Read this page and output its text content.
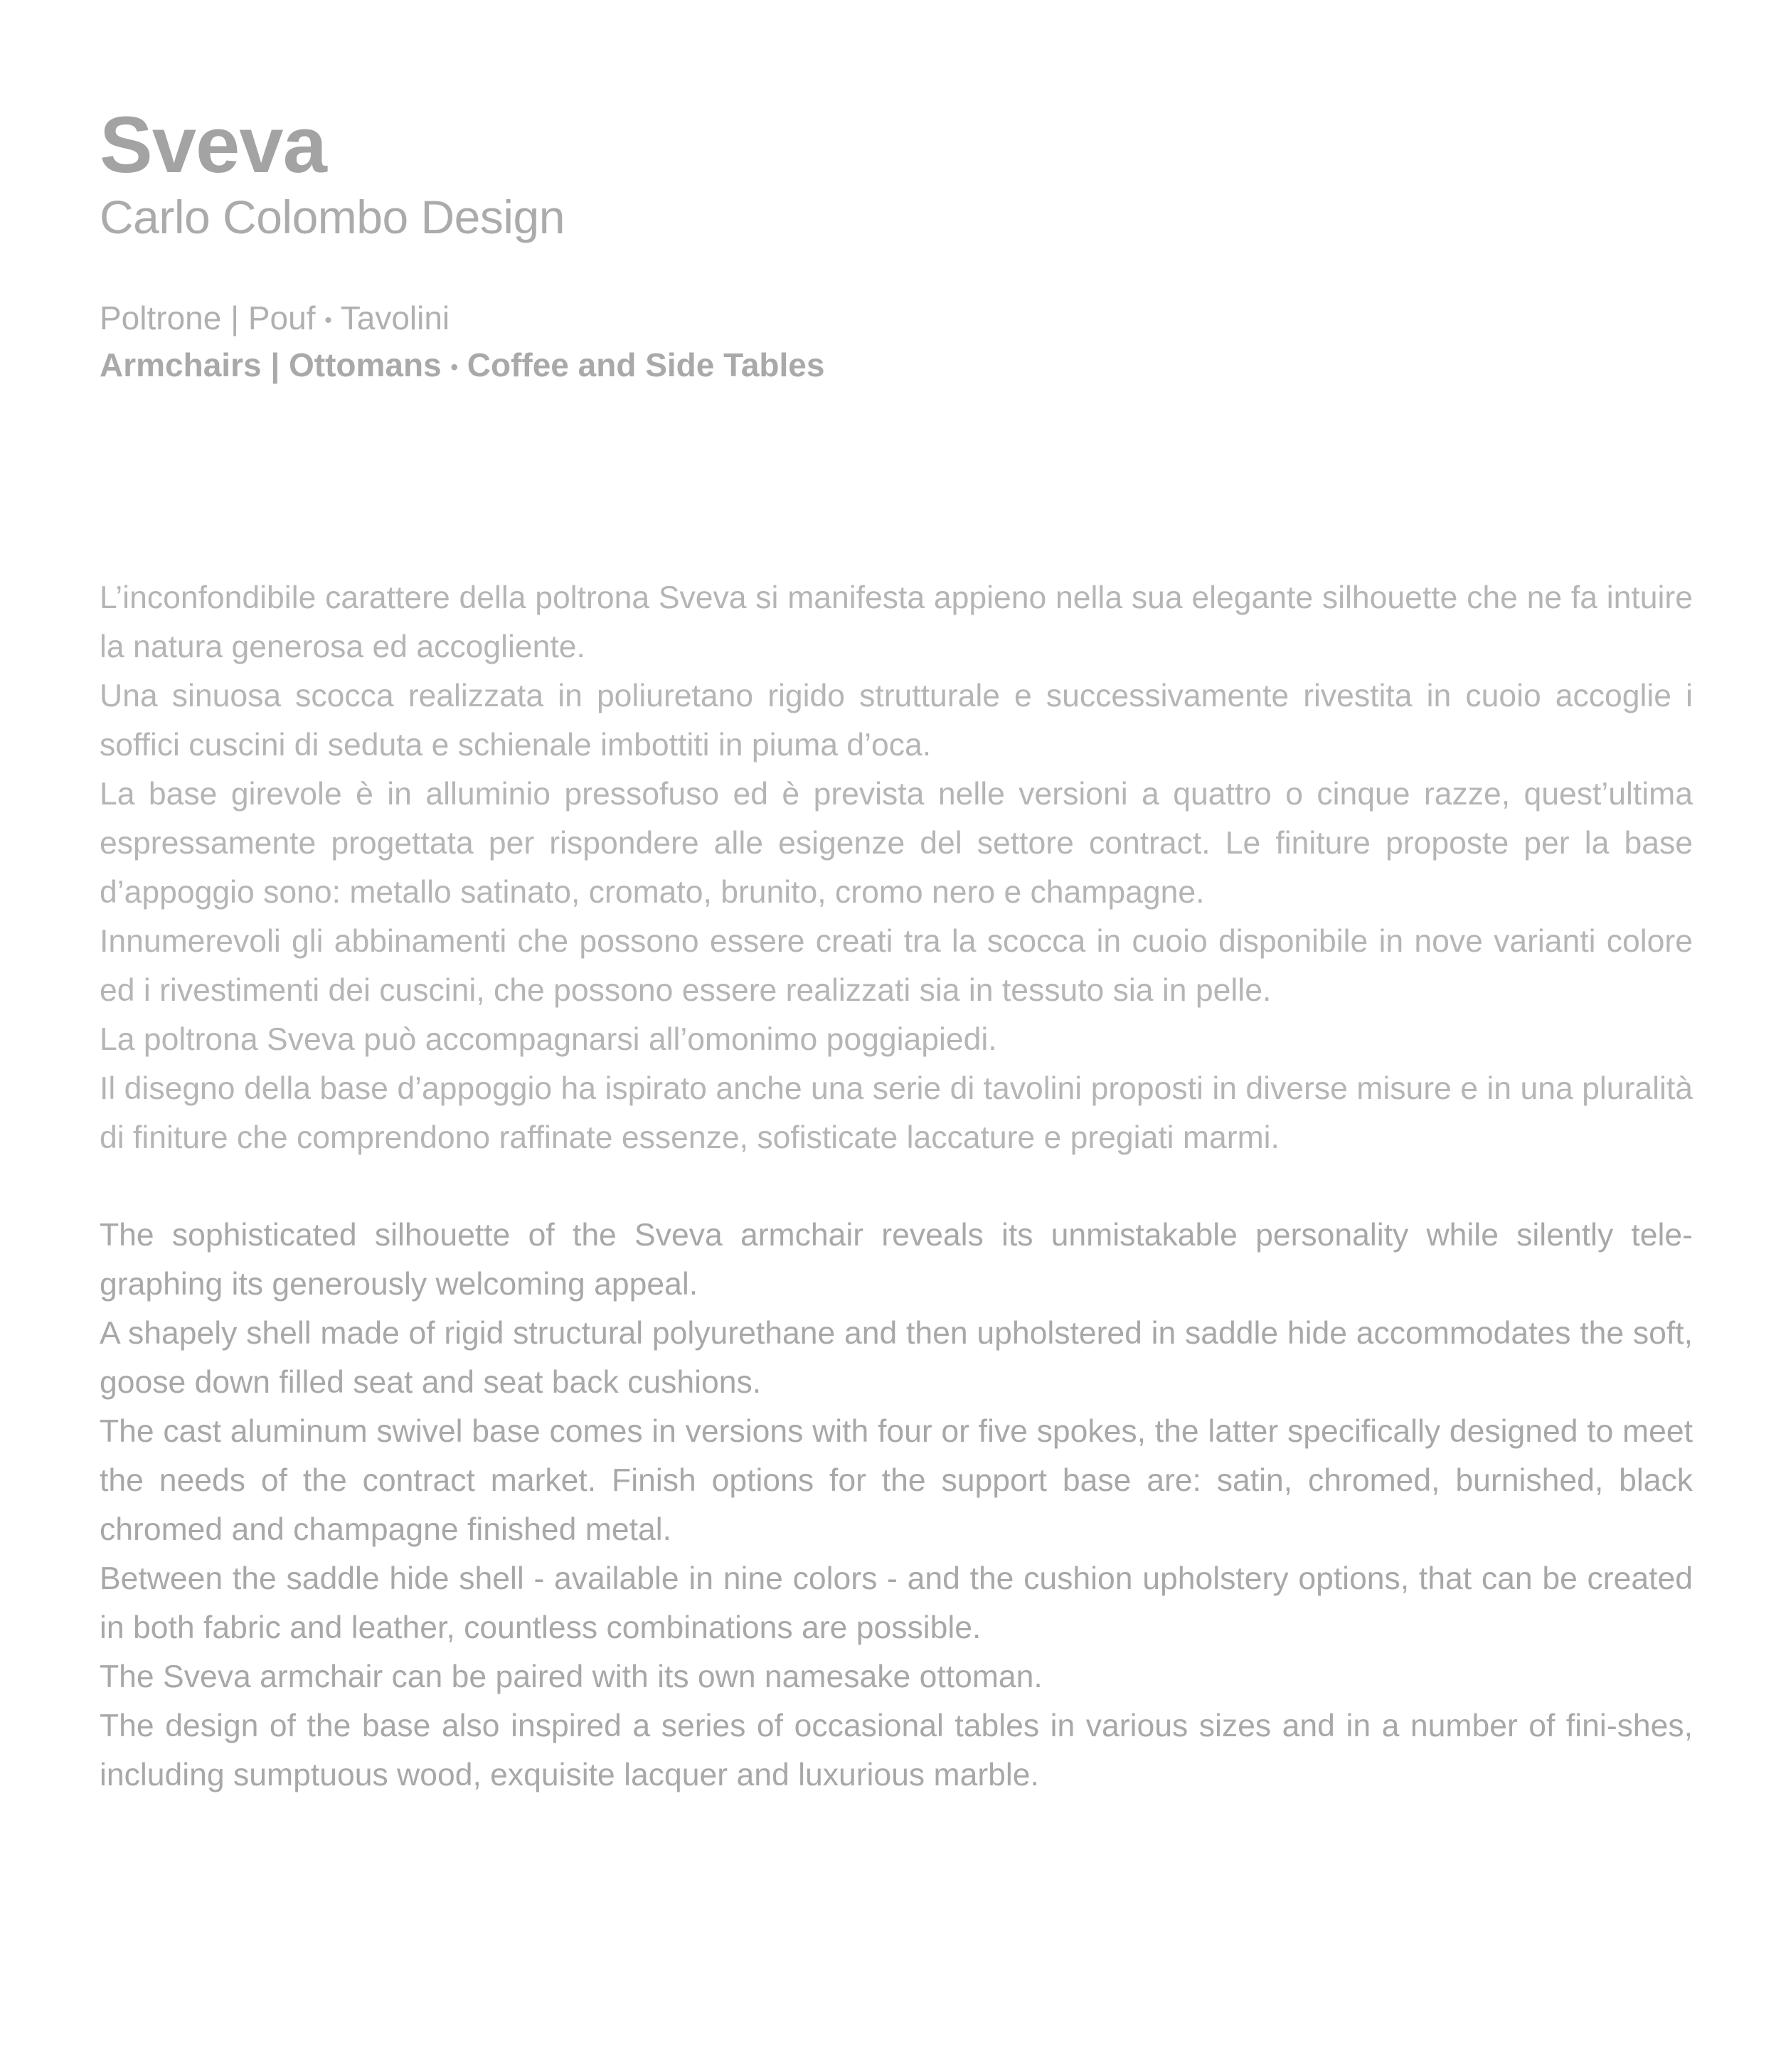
Sveva
Carlo Colombo Design
Poltrone | Pouf • Tavolini
Armchairs | Ottomans • Coffee and Side Tables

L’inconfondibile carattere della poltrona Sveva si manifesta appieno nella sua elegante silhouette che ne fa intuire la natura generosa ed accogliente.

Una sinuosa scocca realizzata in poliuretano rigido strutturale e successivamente rivestita in cuoio accoglie i soffici cuscini di seduta e schienale imbottiti in piuma d’oca.

La base girevole è in alluminio pressofuso ed è prevista nelle versioni a quattro o cinque razze, quest’ultima espressamente progettata per rispondere alle esigenze del settore contract. Le finiture proposte per la base d’appoggio sono: metallo satinato, cromato, brunito, cromo nero e champagne.

Innumerevoli gli abbinamenti che possono essere creati tra la scocca in cuoio disponibile in nove varianti colore ed i rivestimenti dei cuscini, che possono essere realizzati sia in tessuto sia in pelle.

La poltrona Sveva può accompagnarsi all’omonimo poggiapiedi.

Il disegno della base d’appoggio ha ispirato anche una serie di tavolini proposti in diverse misure e in una pluralità di finiture che comprendono raffinate essenze, sofisticate laccature e pregiati marmi.

The sophisticated silhouette of the Sveva armchair reveals its unmistakable personality while silently tele-graphing its generously welcoming appeal.

A shapely shell made of rigid structural polyurethane and then upholstered in saddle hide accommodates the soft, goose down filled seat and seat back cushions.

The cast aluminum swivel base comes in versions with four or five spokes, the latter specifically designed to meet the needs of the contract market. Finish options for the support base are: satin, chromed, burnished, black chromed and champagne finished metal.

Between the saddle hide shell - available in nine colors - and the cushion upholstery options, that can be created in both fabric and leather, countless combinations are possible.

The Sveva armchair can be paired with its own namesake ottoman.

The design of the base also inspired a series of occasional tables in various sizes and in a number of fini-shes, including sumptuous wood, exquisite lacquer and luxurious marble.
